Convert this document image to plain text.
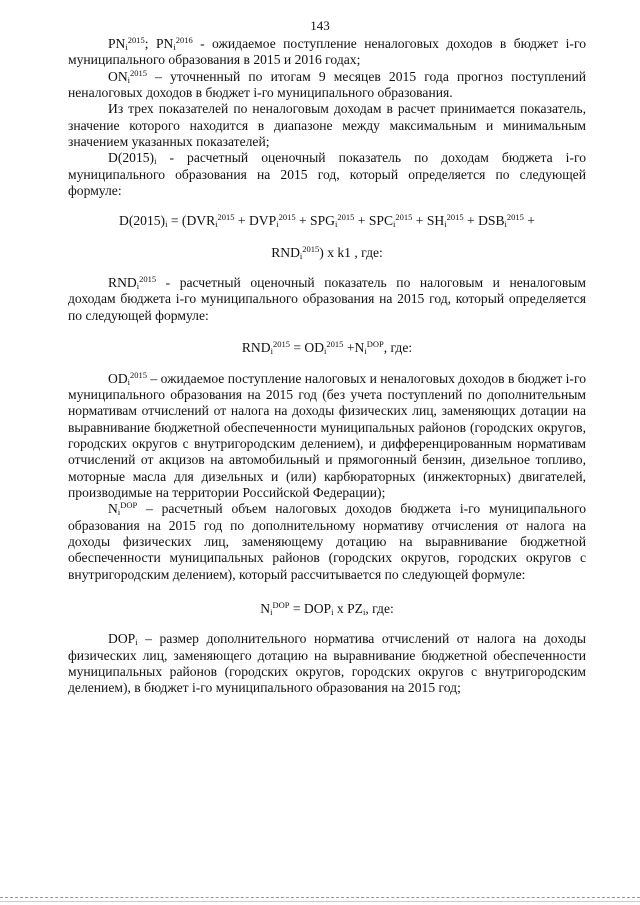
143

$PN_i^{2015}$; $PN_i^{2016}$ - ожидаемое поступление неналоговых доходов в бюджет i-го муниципального образования в 2015 и 2016 годах;

$ON_i^{2015}$ – уточненный по итогам 9 месяцев 2015 года прогноз поступлений неналоговых доходов в бюджет i-го муниципального образования.

Из трех показателей по неналоговым доходам в расчет принимается показатель, значение которого находится в диапазоне между максимальным и минимальным значением указанных показателей;

$D(2015)_i$ - расчетный оценочный показатель по доходам бюджета i-го муниципального образования на 2015 год, который определяется по следующей формуле:

$D(2015)_i = (DVR_i^{2015} + DVP_i^{2015} + SPG_i^{2015} + SPC_i^{2015} + SH_i^{2015} + DSB_i^{2015}$ +

$RND_i^{2015}$) x k1 , где:

$RND_i^{2015}$ - расчетный оценочный показатель по налоговым и неналоговым доходам бюджета i-го муниципального образования на 2015 год, который определяется по следующей формуле:

$RND_i^{2015} = OD_i^{2015} +N_i^{DOP}$, где:

$OD_i^{2015}$ – ожидаемое поступление налоговых и неналоговых доходов в бюджет i-го муниципального образования на 2015 год (без учета поступлений по дополнительным нормативам отчислений от налога на доходы физических лиц, заменяющих дотации на выравнивание бюджетной обеспеченности муниципальных районов (городских округов, городских округов с внутригородским делением), и дифференцированным нормативам отчислений от акцизов на автомобильный и прямогонный бензин, дизельное топливо, моторные масла для дизельных и (или) карбюраторных (инжекторных) двигателей, производимые на территории Российской Федерации);

$N_i^{DOP}$ – расчетный объем налоговых доходов бюджета i-го муниципального образования на 2015 год по дополнительному нормативу отчисления от налога на доходы физических лиц, заменяющему дотацию на выравнивание бюджетной обеспеченности муниципальных районов (городских округов, городских округов с внутригородским делением), который рассчитывается по следующей формуле:

$N_i^{DOP} = DOP_i$ x $PZ_i$, где:

$DOP_i$ – размер дополнительного норматива отчислений от налога на доходы физических лиц, заменяющего дотацию на выравнивание бюджетной обеспеченности муниципальных районов (городских округов, городских округов с внутригородским делением), в бюджет i-го муниципального образования на 2015 год;
